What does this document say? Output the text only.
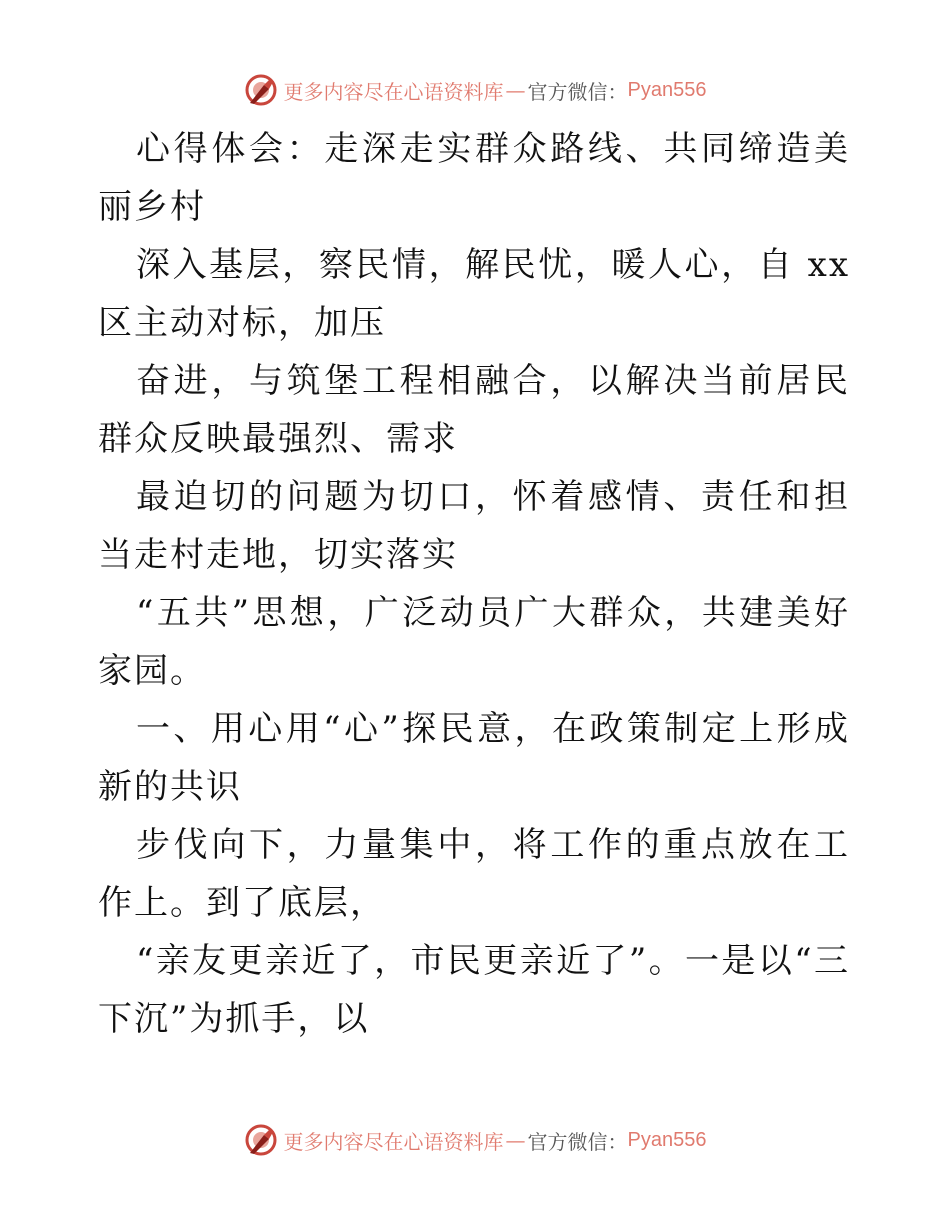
更多内容尽在心语资料库 — 官方微信： Pyan556

心得体会：走深走实群众路线、共同缔造美丽乡村

深入基层，察民情，解民忧，暖人心，自 xx 区主动对标，加压

奋进，与筑堡工程相融合，以解决当前居民群众反映最强烈、需求

最迫切的问题为切口，怀着感情、责任和担当走村走地，切实落实

“五共”思想，广泛动员广大群众，共建美好家园。

一、用心用“心”探民意，在政策制定上形成新的共识

步伐向下，力量集中，将工作的重点放在工作上。到了底层，

“亲友更亲近了，市民更亲近了”。一是以“三下沉”为抓手，以

更多内容尽在心语资料库 — 官方微信： Pyan556
